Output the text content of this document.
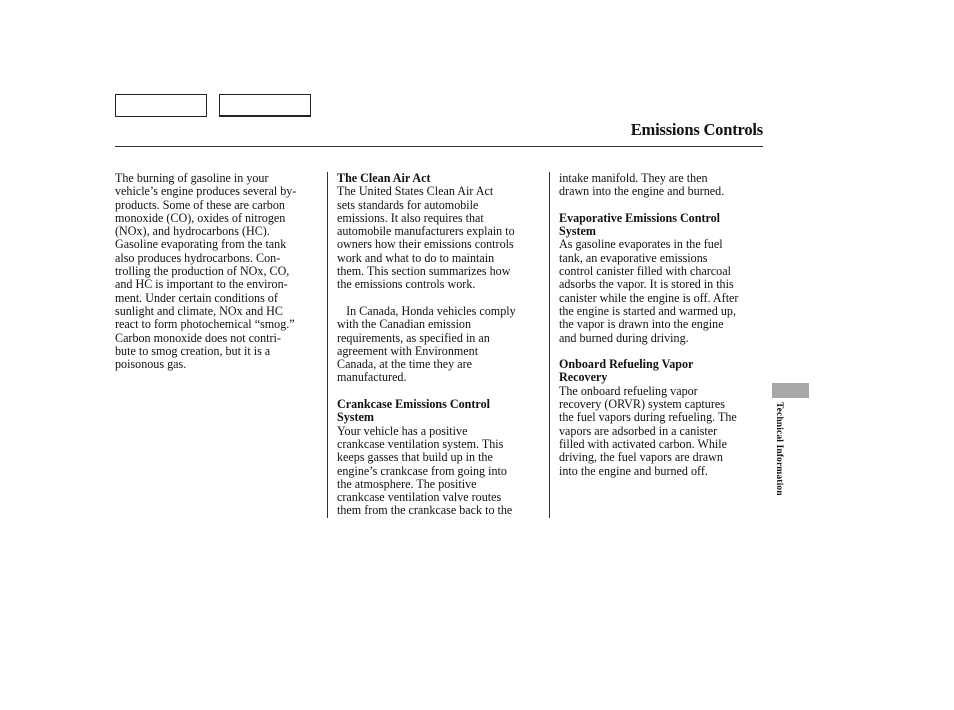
Emissions Controls
The burning of gasoline in your
vehicle’s engine produces several by-
products. Some of these are carbon
monoxide (CO), oxides of nitrogen
(NOx), and hydrocarbons (HC).
Gasoline evaporating from the tank
also produces hydrocarbons. Con-
trolling the production of NOx, CO,
and HC is important to the environ-
ment. Under certain conditions of
sunlight and climate, NOx and HC
react to form photochemical “smog.”
Carbon monoxide does not contri-
bute to smog creation, but it is a
poisonous gas.
The Clean Air Act
The United States Clean Air Act
sets standards for automobile
emissions. It also requires that
automobile manufacturers explain to
owners how their emissions controls
work and what to do to maintain
them. This section summarizes how
the emissions controls work.
In Canada, Honda vehicles comply
with the Canadian emission
requirements, as specified in an
agreement with Environment
Canada, at the time they are
manufactured.
Crankcase Emissions Control
System
Your vehicle has a positive
crankcase ventilation system. This
keeps gasses that build up in the
engine’s crankcase from going into
the atmosphere. The positive
crankcase ventilation valve routes
them from the crankcase back to the
intake manifold. They are then
drawn into the engine and burned.
Evaporative Emissions Control
System
As gasoline evaporates in the fuel
tank, an evaporative emissions
control canister filled with charcoal
adsorbs the vapor. It is stored in this
canister while the engine is off. After
the engine is started and warmed up,
the vapor is drawn into the engine
and burned during driving.
Onboard Refueling Vapor
Recovery
The onboard refueling vapor
recovery (ORVR) system captures
the fuel vapors during refueling. The
vapors are adsorbed in a canister
filled with activated carbon. While
driving, the fuel vapors are drawn
into the engine and burned off.	Technical Information
